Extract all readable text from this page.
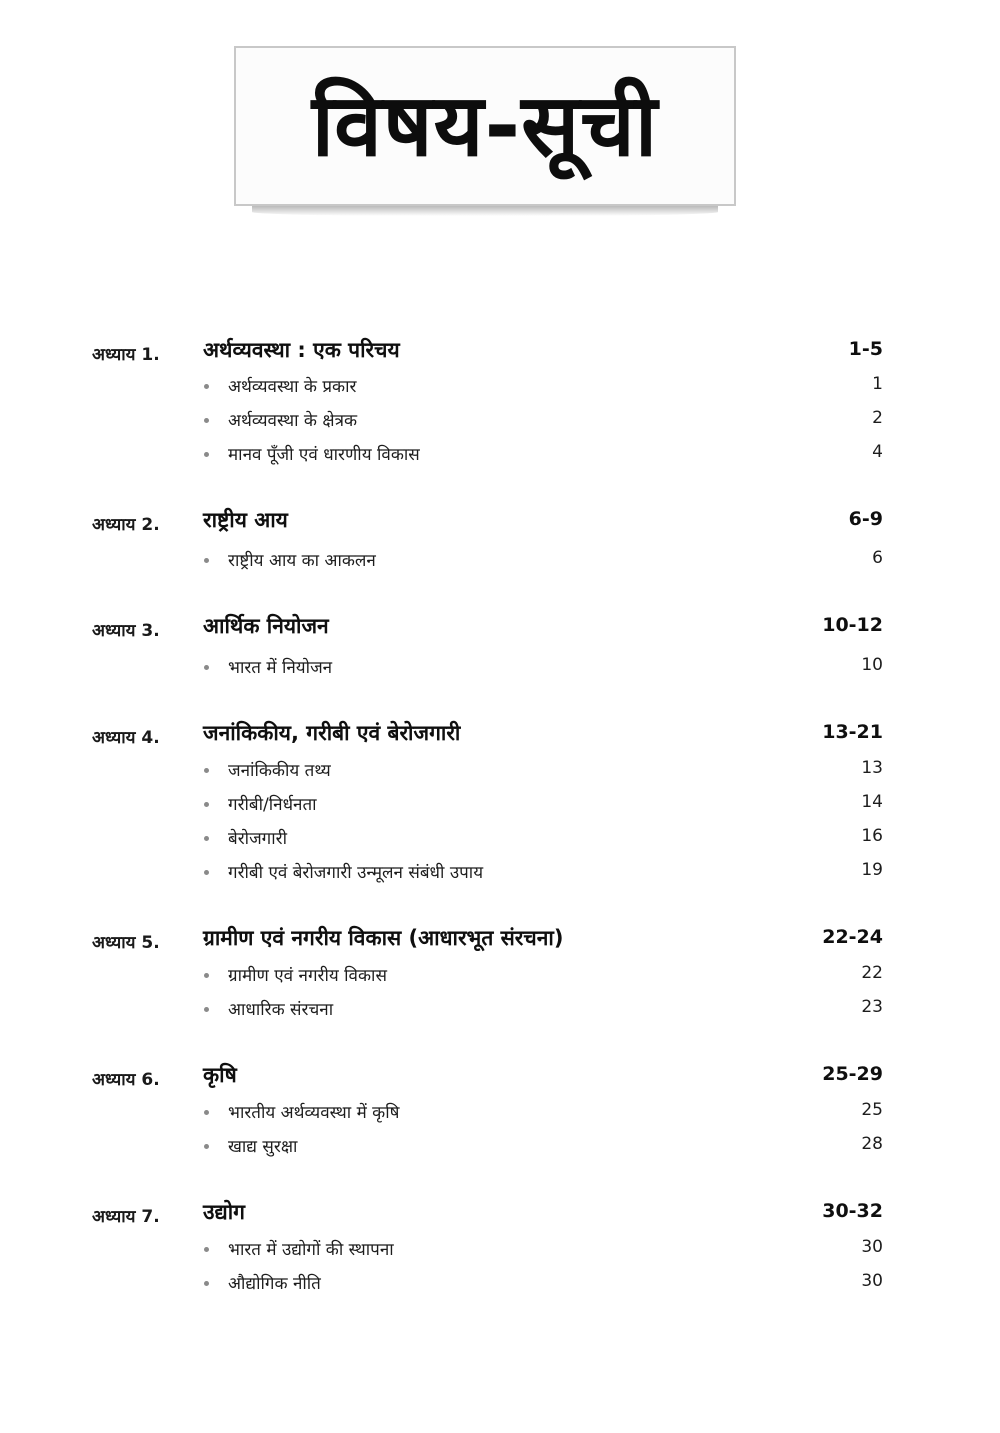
विषय-सूची
अध्याय 1. अर्थव्यवस्था : एक परिचय	1-5
अर्थव्यवस्था के प्रकार	1
अर्थव्यवस्था के क्षेत्रक	2
मानव पूँजी एवं धारणीय विकास	4
अध्याय 2. राष्ट्रीय आय	6-9
राष्ट्रीय आय का आकलन	6
अध्याय 3. आर्थिक नियोजन	10-12
भारत में नियोजन	10
अध्याय 4. जनांकिकीय, गरीबी एवं बेरोजगारी	13-21
जनांकिकीय तथ्य	13
गरीबी/निर्धनता	14
बेरोजगारी	16
गरीबी एवं बेरोजगारी उन्मूलन संबंधी उपाय	19
अध्याय 5. ग्रामीण एवं नगरीय विकास (आधारभूत संरचना)	22-24
ग्रामीण एवं नगरीय विकास	22
आधारिक संरचना	23
अध्याय 6. कृषि	25-29
भारतीय अर्थव्यवस्था में कृषि	25
खाद्य सुरक्षा	28
अध्याय 7. उद्योग	30-32
भारत में उद्योगों की स्थापना	30
औद्योगिक नीति	30
